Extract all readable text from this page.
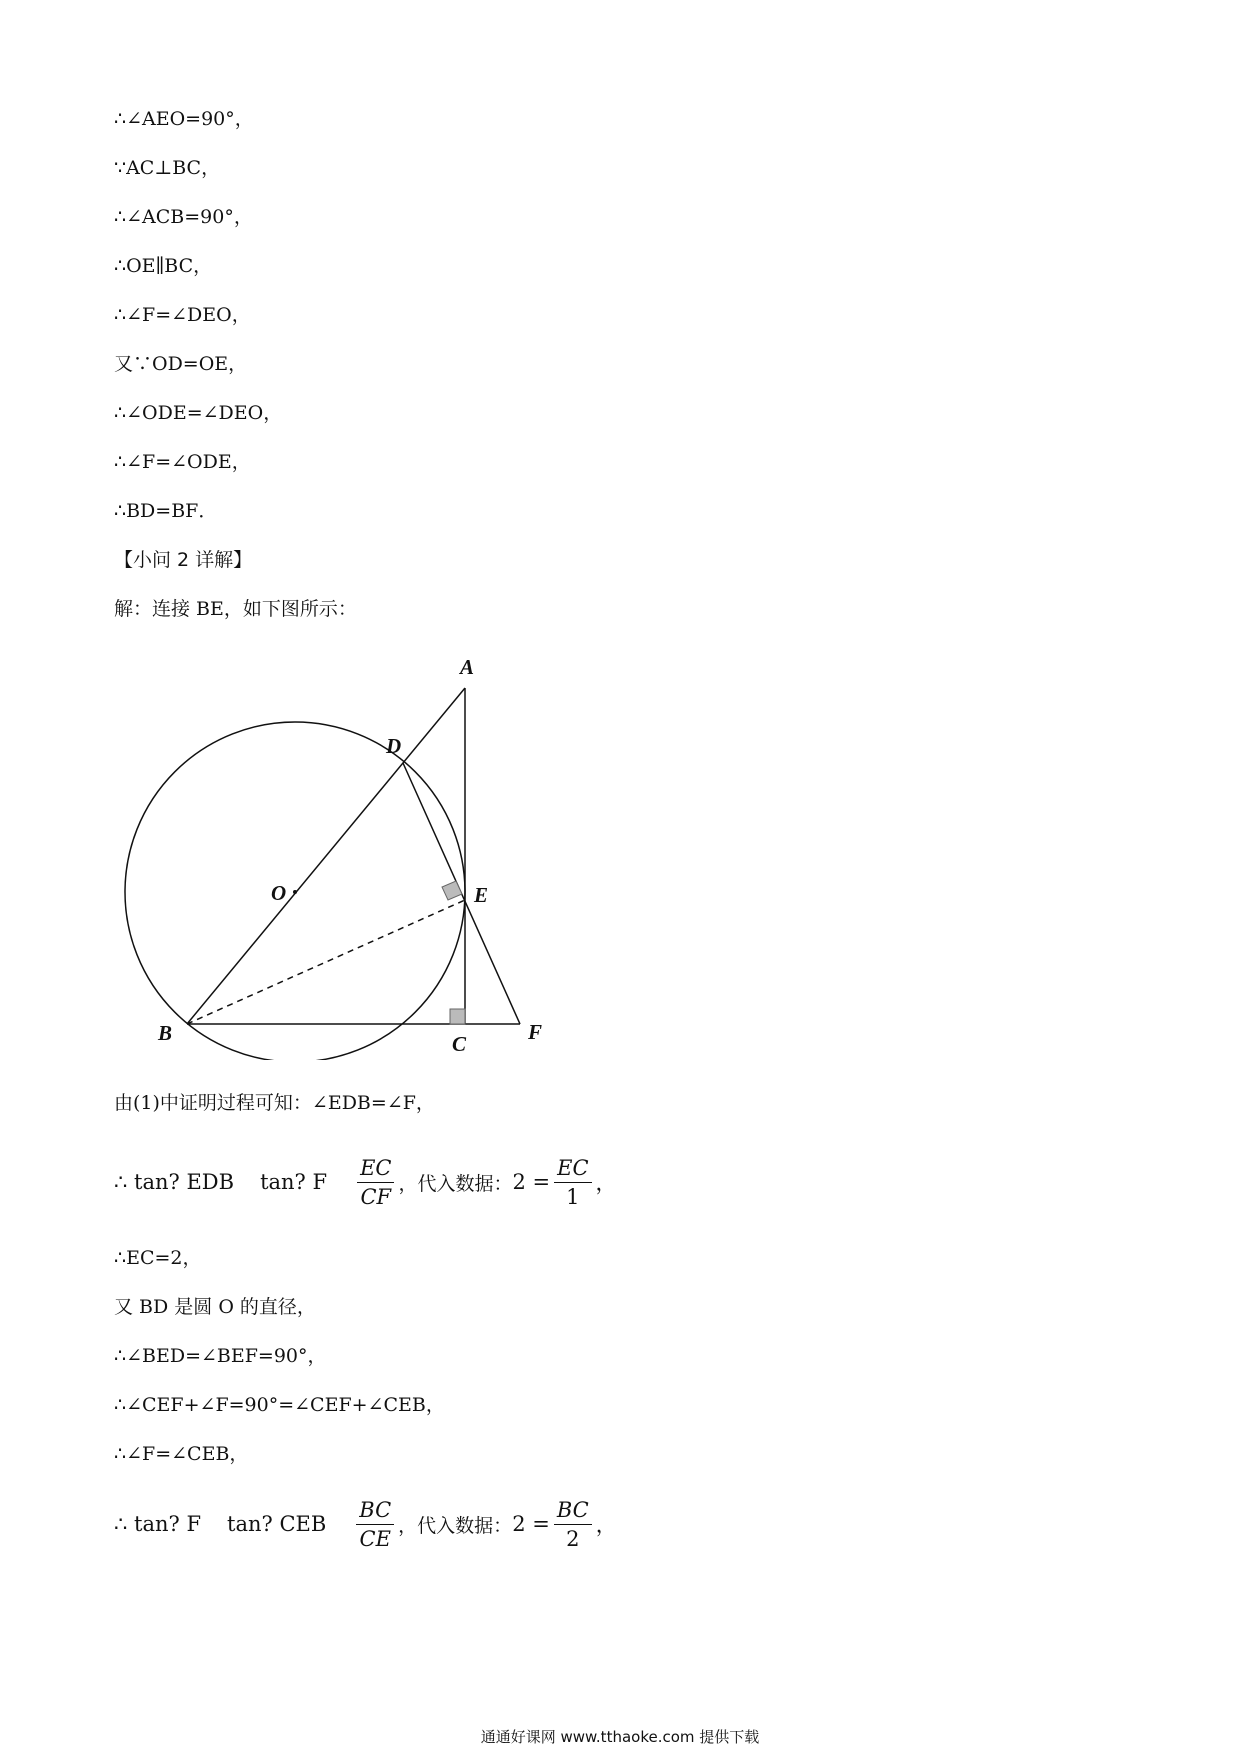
∴∠AEO=90°，
∵AC⊥BC，
∴∠ACB=90°，
∴OE∥BC，
∴∠F=∠DEO，
又∵OD=OE，
∴∠ODE=∠DEO，
∴∠F=∠ODE，
∴BD=BF．
【小问 2 详解】
解：连接 BE，如下图所示：
A
D
O	E
B	C	F
由(1)中证明过程可知：∠EDB=∠F，
∴ tan? EDB tan? F $\frac{EC}{CF}$ ，代入数据： $2 = \frac{EC}{1}$ ，
∴EC=2，
又 BD 是圆 O 的直径，
∴∠BED=∠BEF=90°，
∴∠CEF+∠F=90°=∠CEF+∠CEB，
∴∠F=∠CEB，
∴ tan? F tan? CEB $\frac{BC}{CE}$ ，代入数据： $2 = \frac{BC}{2}$ ，
通通好课网 www.tthaoke.com 提供下载
